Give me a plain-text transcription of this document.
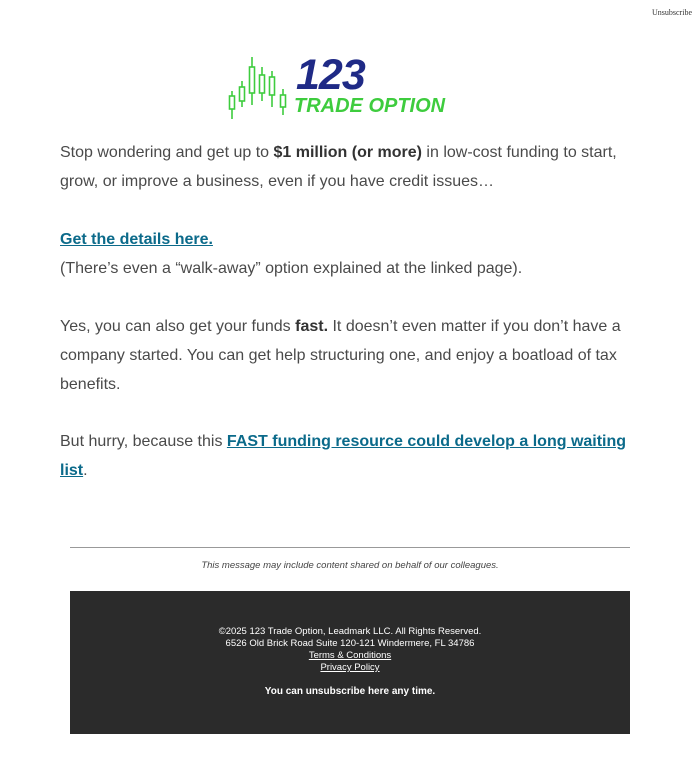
Unsubscribe
123
TRADE OPTION

Stop wondering and get up to $1 million (or more) in low-cost funding to start, grow, or improve a business, even if you have credit issues…

Get the details here.
(There’s even a “walk-away” option explained at the linked page).

Yes, you can also get your funds fast. It doesn’t even matter if you don’t have a company started. You can get help structuring one, and enjoy a boatload of tax benefits.

But hurry, because this FAST funding resource could develop a long waiting list.

This message may include content shared on behalf of our colleagues.
©2025 123 Trade Option, Leadmark LLC. All Rights Reserved.
6526 Old Brick Road Suite 120-121 Windermere, FL 34786
Terms & Conditions
Privacy Policy
You can unsubscribe here any time.
